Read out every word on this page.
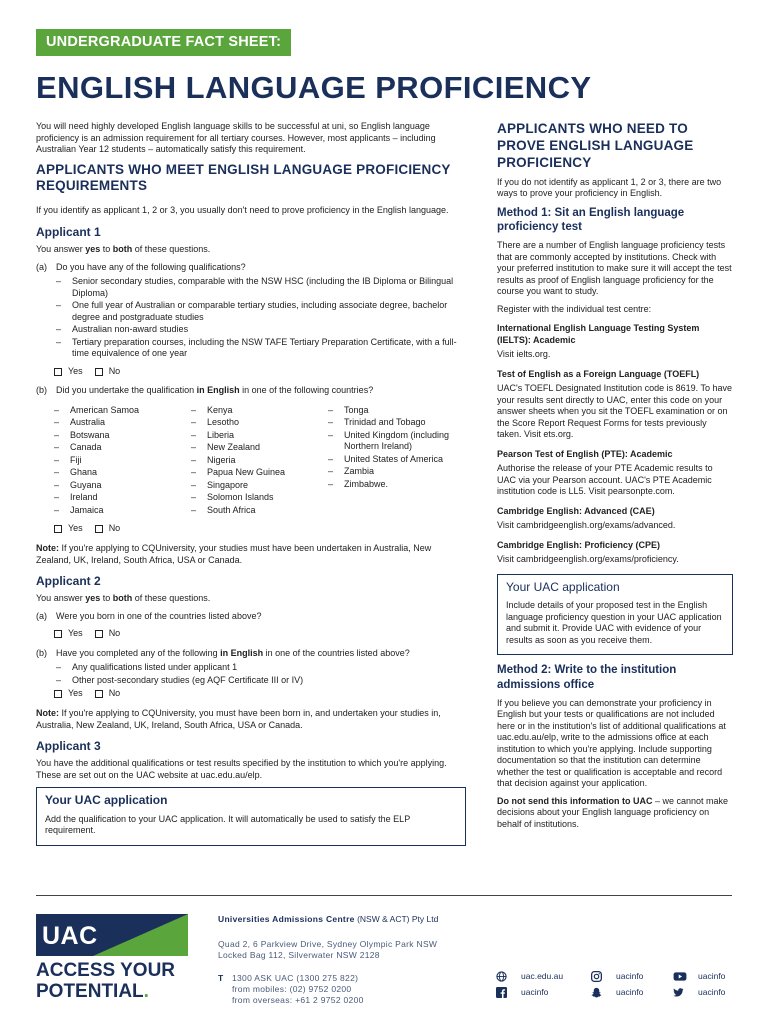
UNDERGRADUATE FACT SHEET:
ENGLISH LANGUAGE PROFICIENCY

You will need highly developed English language skills to be successful at uni, so English language proficiency is an admission requirement for all tertiary courses. However, most applicants – including Australian Year 12 students – automatically satisfy this requirement.

APPLICANTS WHO MEET ENGLISH LANGUAGE PROFICIENCY REQUIREMENTS

If you identify as applicant 1, 2 or 3, you usually don't need to prove proficiency in the English language.

Applicant 1

You answer yes to both of these questions.

(a)	Do you have any of the following qualifications?
–	Senior secondary studies, comparable with the NSW HSC (including the IB Diploma or Bilingual Diploma)
–	One full year of Australian or comparable tertiary studies, including associate degree, bachelor degree and postgraduate studies
–	Australian non-award studies
–	Tertiary preparation courses, including the NSW TAFE Tertiary Preparation Certificate, with a full-time equivalence of one year
Yes	No
(b)	Did you undertake the qualification in English in one of the following countries?
–	American Samoa
–	Australia
–	Botswana
–	Canada
–	Fiji
–	Ghana
–	Guyana
–	Ireland
–	Jamaica
–	Kenya
–	Lesotho
–	Liberia
–	New Zealand
–	Nigeria
–	Papua New Guinea
–	Singapore
–	Solomon Islands
–	South Africa
–	Tonga
–	Trinidad and Tobago
–	United Kingdom (including Northern Ireland)
–	United States of America
–	Zambia
–	Zimbabwe.
Yes	No

Note: If you're applying to CQUniversity, your studies must have been undertaken in Australia, New Zealand, UK, Ireland, South Africa, USA or Canada.

Applicant 2

You answer yes to both of these questions.

(a)	Were you born in one of the countries listed above?
Yes	No
(b)	Have you completed any of the following in English in one of the countries listed above?
–	Any qualifications listed under applicant 1
–	Other post-secondary studies (eg AQF Certificate III or IV)
Yes	No

Note: If you're applying to CQUniversity, you must have been born in, and undertaken your studies in, Australia, New Zealand, UK, Ireland, South Africa, USA or Canada.

Applicant 3

You have the additional qualifications or test results specified by the institution to which you're applying. These are set out on the UAC website at uac.edu.au/elp.

Your UAC application

Add the qualification to your UAC application. It will automatically be used to satisfy the ELP requirement.

APPLICANTS WHO NEED TO PROVE ENGLISH LANGUAGE PROFICIENCY

If you do not identify as applicant 1, 2 or 3, there are two ways to prove your proficiency in English.

Method 1: Sit an English language proficiency test

There are a number of English language proficiency tests that are commonly accepted by institutions. Check with your preferred institution to make sure it will accept the test results as proof of English language proficiency for the course you want to study.

Register with the individual test centre:

International English Language Testing System (IELTS): Academic

Visit ielts.org.

Test of English as a Foreign Language (TOEFL)

UAC's TOEFL Designated Institution code is 8619. To have your results sent directly to UAC, enter this code on your answer sheets when you sit the TOEFL examination or on the Score Report Request Forms for tests previously taken. Visit ets.org.

Pearson Test of English (PTE): Academic

Authorise the release of your PTE Academic results to UAC via your Pearson account. UAC's PTE Academic institution code is LL5. Visit pearsonpte.com.

Cambridge English: Advanced (CAE)

Visit cambridgeenglish.org/exams/advanced.

Cambridge English: Proficiency (CPE)

Visit cambridgeenglish.org/exams/proficiency.

Your UAC application

Include details of your proposed test in the English language proficiency question in your UAC application and submit it. Provide UAC with evidence of your results as soon as you receive them.

Method 2: Write to the institution admissions office

If you believe you can demonstrate your proficiency in English but your tests or qualifications are not included here or in the institution's list of additional qualifications at uac.edu.au/elp, write to the admissions office at each institution to which you're applying. Include supporting documentation so that the institution can determine whether the test or qualification is acceptable and record that decision against your application.

Do not send this information to UAC – we cannot make decisions about your English language proficiency on behalf of institutions.

UAC
ACCESS YOUR
POTENTIAL.
Universities Admissions Centre (NSW & ACT) Pty Ltd
Quad 2, 6 Parkview Drive, Sydney Olympic Park NSW
Locked Bag 112, Silverwater NSW 2128
T	1300 ASK UAC (1300 275 822)
from mobiles: (02) 9752 0200
from overseas: +61 2 9752 0200
uac.edu.au
uacinfo
uacinfo
uacinfo
uacinfo
uacinfo
